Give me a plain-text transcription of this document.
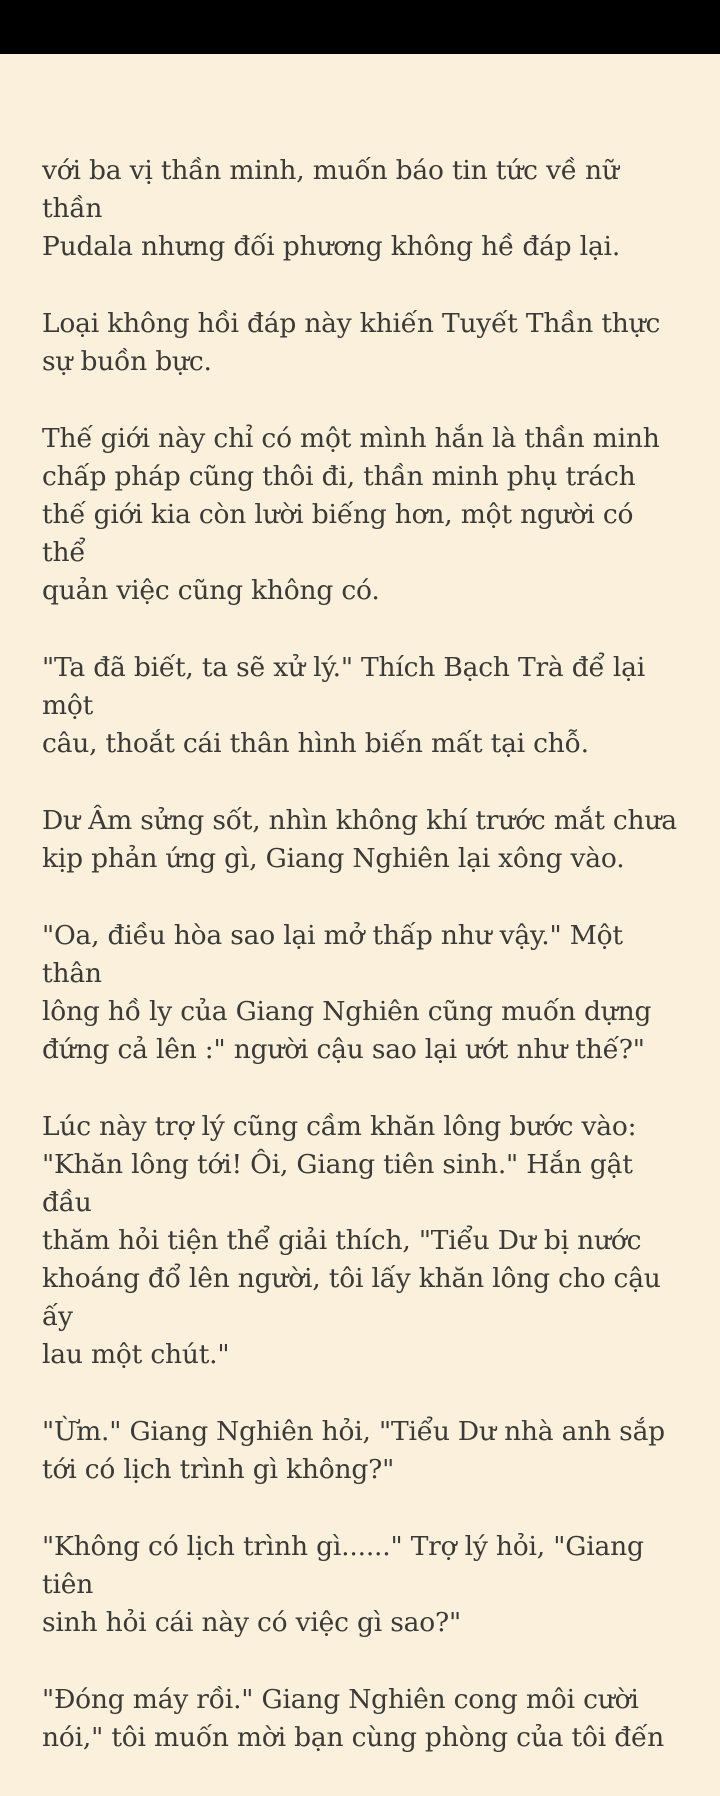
với ba vị thần minh, muốn báo tin tức về nữ thần
Pudala nhưng đối phương không hề đáp lại.

Loại không hồi đáp này khiến Tuyết Thần thực
sự buồn bực.

Thế giới này chỉ có một mình hắn là thần minh
chấp pháp cũng thôi đi, thần minh phụ trách
thế giới kia còn lười biếng hơn, một người có thể
quản việc cũng không có.

"Ta đã biết, ta sẽ xử lý." Thích Bạch Trà để lại một
câu, thoắt cái thân hình biến mất tại chỗ.

Dư Âm sửng sốt, nhìn không khí trước mắt chưa
kịp phản ứng gì, Giang Nghiên lại xông vào.

"Oa, điều hòa sao lại mở thấp như vậy." Một thân
lông hồ ly của Giang Nghiên cũng muốn dựng
đứng cả lên :" người cậu sao lại ướt như thế?"

Lúc này trợ lý cũng cầm khăn lông bước vào:
"Khăn lông tới! Ôi, Giang tiên sinh." Hắn gật đầu
thăm hỏi tiện thể giải thích, "Tiểu Dư bị nước
khoáng đổ lên người, tôi lấy khăn lông cho cậu ấy
lau một chút."

"Ừm." Giang Nghiên hỏi, "Tiểu Dư nhà anh sắp
tới có lịch trình gì không?"

"Không có lịch trình gì......" Trợ lý hỏi, "Giang tiên
sinh hỏi cái này có việc gì sao?"

"Đóng máy rồi." Giang Nghiên cong môi cười
nói," tôi muốn mời bạn cùng phòng của tôi đến
